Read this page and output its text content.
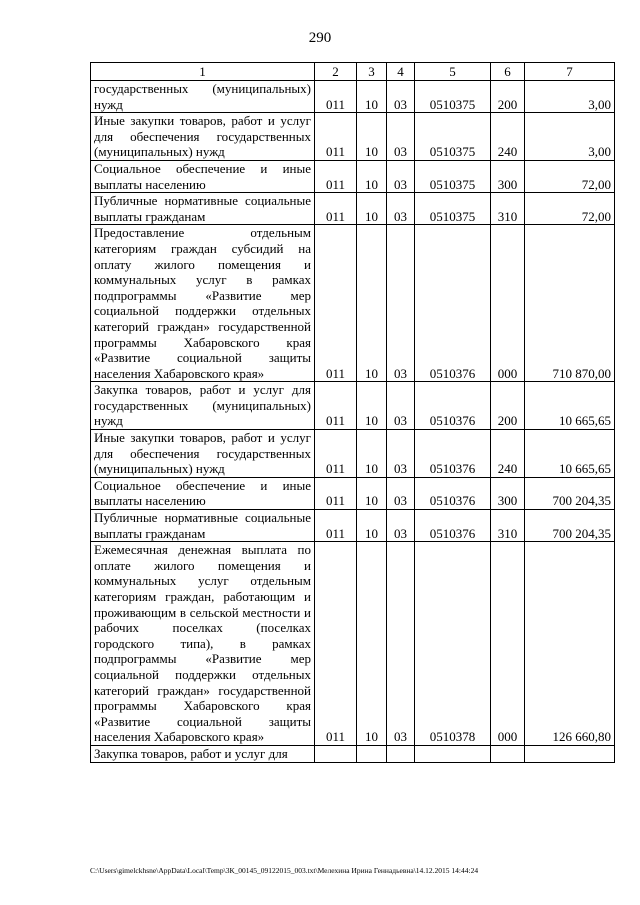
290
1	2	3	4	5	6	7
государственных (муниципальных) нужд	011	10	03	0510375	200	3,00
Иные закупки товаров, работ и услуг для обеспечения государственных (муниципальных) нужд	011	10	03	0510375	240	3,00
Социальное обеспечение и иные выплаты населению	011	10	03	0510375	300	72,00
Публичные нормативные социальные выплаты гражданам	011	10	03	0510375	310	72,00
Предоставление отдельным категориям граждан субсидий на оплату жилого помещения и коммунальных услуг в рамках подпрограммы «Развитие мер социальной поддержки отдельных категорий граждан» государственной программы Хабаровского края «Развитие социальной защиты населения Хабаровского края»	011	10	03	0510376	000	710 870,00
Закупка товаров, работ и услуг для государственных (муниципальных) нужд	011	10	03	0510376	200	10 665,65
Иные закупки товаров, работ и услуг для обеспечения государственных (муниципальных) нужд	011	10	03	0510376	240	10 665,65
Социальное обеспечение и иные выплаты населению	011	10	03	0510376	300	700 204,35
Публичные нормативные социальные выплаты гражданам	011	10	03	0510376	310	700 204,35
Ежемесячная денежная выплата по оплате жилого помещения и коммунальных услуг отдельным категориям граждан, работающим и проживающим в сельской местности и рабочих поселках (поселках городского типа), в рамках подпрограммы «Развитие мер социальной поддержки отдельных категорий граждан» государственной программы Хабаровского края «Развитие социальной защиты населения Хабаровского края»	011	10	03	0510378	000	126 660,80
Закупка товаров, работ и услуг для						
C:\Users\gimelckhsne\AppData\Local\Temp\3К_00145_09122015_003.txt\Мелехина Ирина Геннадьевна\14.12.2015 14:44:24
